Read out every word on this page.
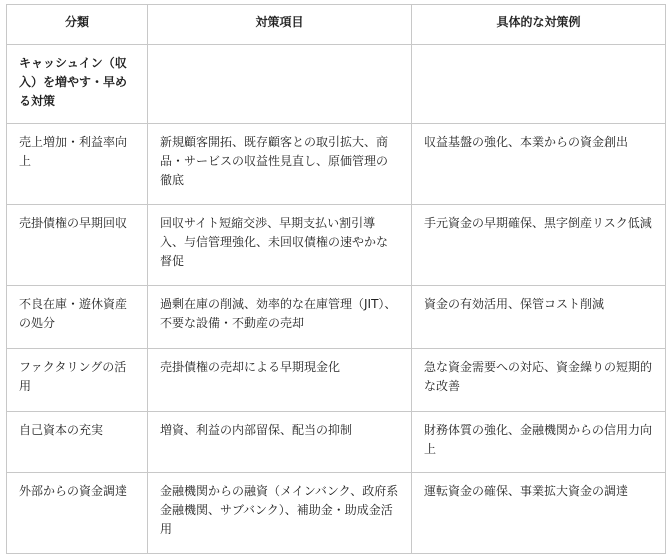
分類	対策項目	具体的な対策例
キャッシュイン（収入）を増やす・早める対策		
売上増加・利益率向上	新規顧客開拓、既存顧客との取引拡大、商品・サービスの収益性見直し、原価管理の徹底	収益基盤の強化、本業からの資金創出
売掛債権の早期回収	回収サイト短縮交渉、早期支払い割引導入、与信管理強化、未回収債権の速やかな督促	手元資金の早期確保、黒字倒産リスク低減
不良在庫・遊休資産の処分	過剰在庫の削減、効率的な在庫管理（JIT）、不要な設備・不動産の売却	資金の有効活用、保管コスト削減
ファクタリングの活用	売掛債権の売却による早期現金化	急な資金需要への対応、資金繰りの短期的な改善
自己資本の充実	増資、利益の内部留保、配当の抑制	財務体質の強化、金融機関からの信用力向上
外部からの資金調達	金融機関からの融資（メインバンク、政府系金融機関、サブバンク）、補助金・助成金活用	運転資金の確保、事業拡大資金の調達
